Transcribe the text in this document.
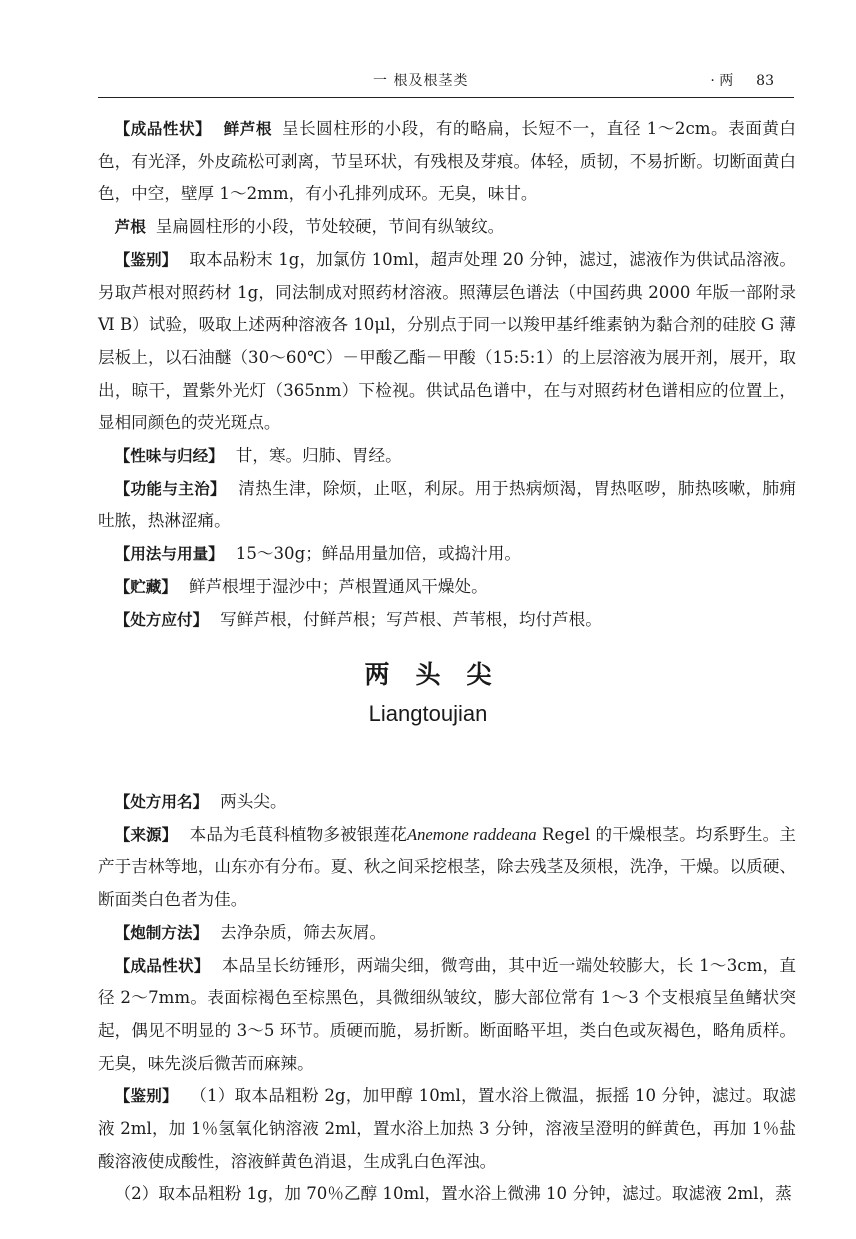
一 根及根茎类	· 两 83

【成品性状】 鲜芦根 呈长圆柱形的小段，有的略扁，长短不一，直径 1～2cm。表面黄白色，有光泽，外皮疏松可剥离，节呈环状，有残根及芽痕。体轻，质韧，不易折断。切断面黄白色，中空，壁厚 1～2mm，有小孔排列成环。无臭，味甘。

芦根 呈扁圆柱形的小段，节处较硬，节间有纵皱纹。

【鉴别】 取本品粉末 1g，加氯仿 10ml，超声处理 20 分钟，滤过，滤液作为供试品溶液。另取芦根对照药材 1g，同法制成对照药材溶液。照薄层色谱法（中国药典 2000 年版一部附录Ⅵ B）试验，吸取上述两种溶液各 10μl，分别点于同一以羧甲基纤维素钠为黏合剂的硅胶 G 薄层板上，以石油醚（30～60℃）－甲酸乙酯－甲酸（15:5:1）的上层溶液为展开剂，展开，取出，晾干，置紫外光灯（365nm）下检视。供试品色谱中，在与对照药材色谱相应的位置上，显相同颜色的荧光斑点。

【性味与归经】 甘，寒。归肺、胃经。

【功能与主治】 清热生津，除烦，止呕，利尿。用于热病烦渴，胃热呕哕，肺热咳嗽，肺痈吐脓，热淋涩痛。

【用法与用量】 15～30g；鲜品用量加倍，或捣汁用。

【贮藏】 鲜芦根埋于湿沙中；芦根置通风干燥处。

【处方应付】 写鲜芦根，付鲜芦根；写芦根、芦苇根，均付芦根。

两头尖
Liangtoujian

【处方用名】 两头尖。

【来源】 本品为毛茛科植物多被银莲花Anemone raddeana Regel 的干燥根茎。均系野生。主产于吉林等地，山东亦有分布。夏、秋之间采挖根茎，除去残茎及须根，洗净，干燥。以质硬、断面类白色者为佳。

【炮制方法】 去净杂质，筛去灰屑。

【成品性状】 本品呈长纺锤形，两端尖细，微弯曲，其中近一端处较膨大，长 1～3cm，直径 2～7mm。表面棕褐色至棕黑色，具微细纵皱纹，膨大部位常有 1～3 个支根痕呈鱼鳍状突起，偶见不明显的 3～5 环节。质硬而脆，易折断。断面略平坦，类白色或灰褐色，略角质样。无臭，味先淡后微苦而麻辣。

【鉴别】 （1）取本品粗粉 2g，加甲醇 10ml，置水浴上微温，振摇 10 分钟，滤过。取滤液 2ml，加 1％氢氧化钠溶液 2ml，置水浴上加热 3 分钟，溶液呈澄明的鲜黄色，再加 1％盐酸溶液使成酸性，溶液鲜黄色消退，生成乳白色浑浊。

（2）取本品粗粉 1g，加 70％乙醇 10ml，置水浴上微沸 10 分钟，滤过。取滤液 2ml，蒸
